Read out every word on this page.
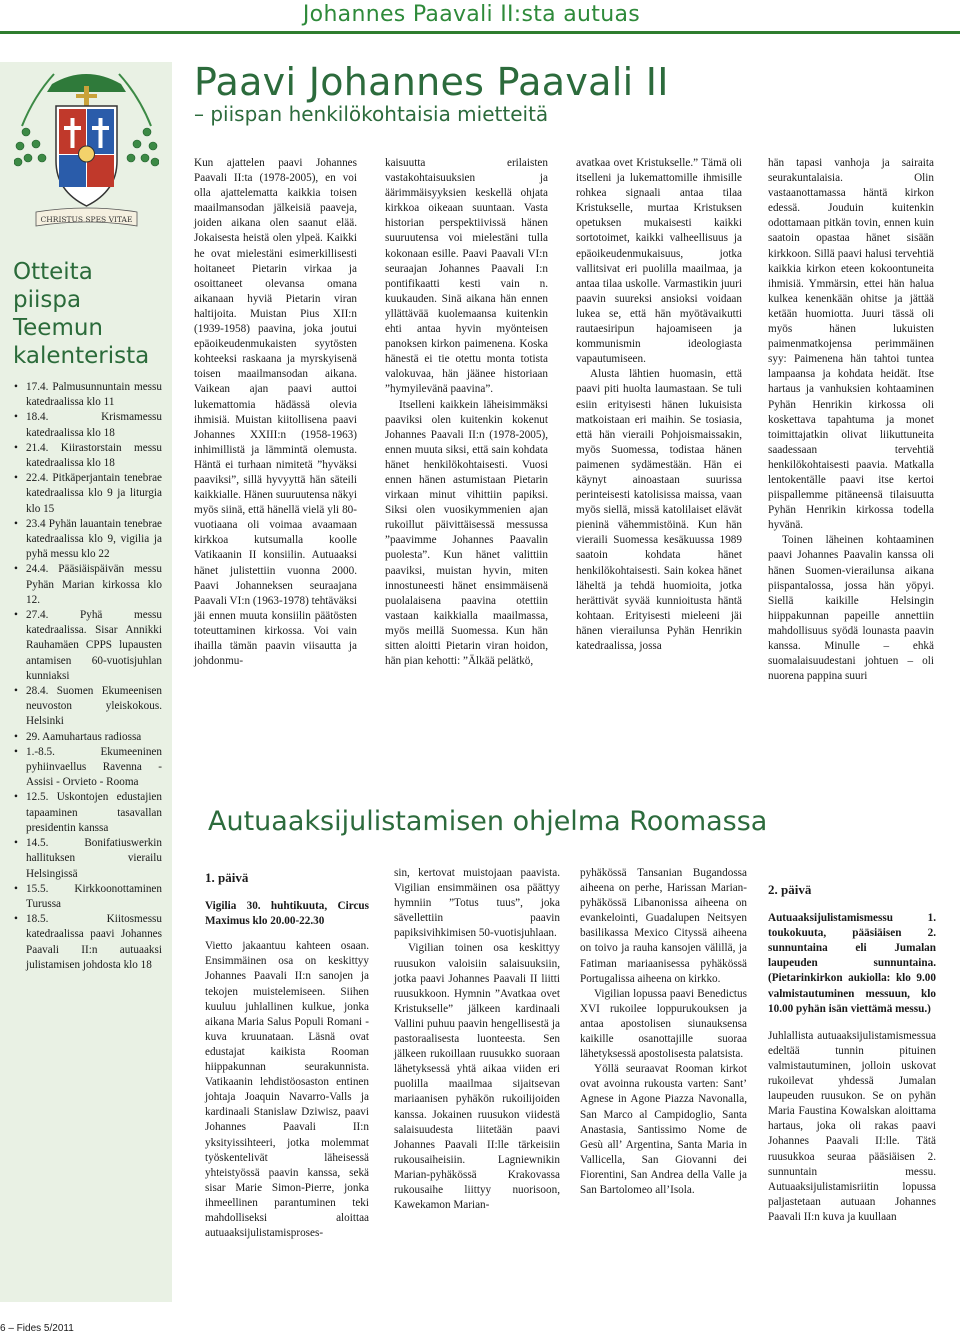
Johannes Paavali II:sta autuas
CHRISTUS SPES VITAE
Otteita piispa Teemun kalenterista
• 17.4. Palmusunnuntain messu katedraalissa klo 11
• 18.4. Krismamessu katedraalissa klo 18
• 21.4. Kiirastorstain messu katedraalissa klo 18
• 22.4. Pitkäperjantain tenebrae katedraalissa klo 9 ja liturgia klo 15
• 23.4 Pyhän lauantain tenebrae katedraalissa klo 9, vigilia ja pyhä messu klo 22
• 24.4. Pääsiäispäivän messu Pyhän Marian kirkossa klo 12.
• 27.4. Pyhä messu katedraalissa. Sisar Annikki Rauhamäen CPPS lupausten antamisen 60-vuotisjuhlan kunniaksi
• 28.4. Suomen Ekumeenisen neuvoston yleiskokous. Helsinki
• 29. Aamuhartaus radiossa
• 1.-8.5. Ekumeeninen pyhiinvaellus Ravenna - Assisi - Orvieto - Rooma
• 12.5. Uskontojen edustajien tapaaminen tasavallan presidentin kanssa
• 14.5. Bonifatiuswerkin hallituksen vierailu Helsingissä
• 15.5. Kirkkoonottaminen Turussa
• 18.5. Kiitosmessu katedraalissa paavi Johannes Paavali II:n autuaaksi julistamisen johdosta klo 18
Paavi Johannes Paavali II
– piispan henkilökohtaisia mietteitä

Kun ajattelen paavi Johannes Paavali II:ta (1978-2005), en voi olla ajattelematta kaikkia toisen maailmansodan jälkeisiä paaveja, joiden aikana olen saanut elää. Jokaisesta heistä olen ylpeä. Kaikki he ovat mielestäni esimerkillisesti hoitaneet Pietarin virkaa ja osoittaneet olevansa omana aikanaan hyviä Pietarin viran haltijoita. Muistan Pius XII:n (1939-1958) paavina, joka joutui epäoikeudenmukaisten syytösten kohteeksi raskaana ja myrskyisenä toisen maailmansodan aikana. Vaikean ajan paavi auttoi lukemattomia hädässä olevia ihmisiä. Muistan kiitollisena paavi Johannes XXIII:n (1958-1963) inhimillistä ja lämmintä olemusta. Häntä ei turhaan nimitetä ”hyväksi paaviksi”, sillä hyvyyttä hän säteili kaikkialle. Hänen suuruutensa näkyi myös siinä, että hänellä vielä yli 80-vuotiaana oli voimaa avaamaan kirkkoa kutsumalla koolle Vatikaanin II konsiilin. Autuaaksi hänet julistettiin vuonna 2000. Paavi Johanneksen seuraajana Paavali VI:n (1963-1978) tehtäväksi jäi ennen muuta konsiilin päätösten toteuttaminen kirkossa. Voi vain ihailla tämän paavin viisautta ja johdonmu-

kaisuutta erilaisten vastakohtaisuuksien ja äärimmäisyyksien keskellä ohjata kirkkoa oikeaan suuntaan. Vasta historian perspektiivissä hänen suuruutensa voi mielestäni tulla kokonaan esille. Paavi Paavali VI:n seuraajan Johannes Paavali I:n pontifikaatti kesti vain n. kuukauden. Sinä aikana hän ennen yllättävää kuolemaansa kuitenkin ehti antaa hyvin myönteisen panoksen kirkon paimenena. Koska hänestä ei tie otettu monta totista valokuvaa, hän jäänee historiaan ”hymyilevänä paavina”.

Itselleni kaikkein läheisimmäksi paaviksi olen kuitenkin kokenut Johannes Paavali II:n (1978-2005), ennen muuta siksi, että sain kohdata hänet henkilökohtaisesti. Vuosi ennen hänen astumistaan Pietarin virkaan minut vihittiin papiksi. Siksi olen vuosikymmenien ajan rukoillut päivittäisessä messussa ”paavimme Johannes Paavalin puolesta”. Kun hänet valittiin paaviksi, muistan hyvin, miten innostuneesti hänet ensimmäisenä puolalaisena paavina otettiin vastaan kaikkialla maailmassa, myös meillä Suomessa. Kun hän sitten aloitti Pietarin viran hoidon, hän pian kehotti: ”Älkää pelätkö,

avatkaa ovet Kristukselle.” Tämä oli itselleni ja lukemattomille ihmisille rohkea signaali antaa tilaa Kristukselle, murtaa Kristuksen opetuksen mukaisesti kaikki sortotoimet, kaikki valheellisuus ja epäoikeudenmukaisuus, jotka vallitsivat eri puolilla maailmaa, ja antaa tilaa uskolle. Varmastikin juuri paavin suureksi ansioksi voidaan lukea se, että hän myötävaikutti rautaesiripun hajoamiseen ja kommunismin ideologiasta vapautumiseen.

Alusta lähtien huomasin, että paavi piti huolta laumastaan. Se tuli esiin erityisesti hänen lukuisista matkoistaan eri maihin. Se tosiasia, että hän vieraili Pohjoismaissakin, myös Suomessa, todistaa hänen paimenen sydämestään. Hän ei käynyt ainoastaan suurissa perinteisesti katolisissa maissa, vaan myös siellä, missä katolilaiset elävät pieninä vähemmistöinä. Kun hän vieraili Suomessa kesäkuussa 1989 saatoin kohdata hänet henkilökohtaisesti. Sain kokea hänet läheltä ja tehdä huomioita, jotka herättivät syvää kunnioitusta häntä kohtaan. Erityisesti mieleeni jäi hänen vierailunsa Pyhän Henrikin katedraalissa, jossa

hän tapasi vanhoja ja sairaita seurakuntalaisia. Olin vastaanottamassa häntä kirkon edessä. Jouduin kuitenkin odottamaan pitkän tovin, ennen kuin saatoin opastaa hänet sisään kirkkoon. Sillä paavi halusi tervehtiä kaikkia kirkon eteen kokoontuneita ihmisiä. Ymmärsin, ettei hän halua kulkea kenenkään ohitse ja jättää ketään huomiotta. Juuri tässä oli myös hänen lukuisten paimenmatkojensa perimmäinen syy: Paimenena hän tahtoi tuntea lampaansa ja kohdata heidät. Itse hartaus ja vanhuksien kohtaaminen Pyhän Henrikin kirkossa oli koskettava tapahtuma ja monet toimittajatkin olivat liikuttuneita saadessaan tervehtiä henkilökohtaisesti paavia. Matkalla lentokentälle paavi itse kertoi piispallemme pitäneensä tilaisuutta Pyhän Henrikin kirkossa todella hyvänä.

Toinen läheinen kohtaaminen paavi Johannes Paavalin kanssa oli hänen Suomen-vierailunsa aikana piispantalossa, jossa hän yöpyi. Siellä kaikille Helsingin hiippakunnan papeille annettiin mahdollisuus syödä lounasta paavin kanssa. Minulle – ehkä suomalaisuudestani johtuen – oli nuorena pappina suuri

Autuaaksijulistamisen ohjelma Roomassa

1. päivä

Vigilia 30. huhtikuuta, Circus Maximus klo 20.00-22.30

Vietto jakaantuu kahteen osaan. Ensimmäinen osa on keskittyy Johannes Paavali II:n sanojen ja tekojen muistelemiseen. Siihen kuuluu juhlallinen kulkue, jonka aikana Maria Salus Populi Romani -kuva kruunataan. Läsnä ovat edustajat kaikista Rooman hiippakunnan seurakunnista. Vatikaanin lehdistöosaston entinen johtaja Joaquin Navarro-Valls ja kardinaali Stanislaw Dziwisz, paavi Johannes Paavali II:n yksityissihteeri, jotka molemmat työskentelivät läheisessä yhteistyössä paavin kanssa, sekä sisar Marie Simon-Pierre, jonka ihmeellinen parantuminen teki mahdolliseksi aloittaa autuaaksijulistamisproses-

sin, kertovat muistojaan paavista. Vigilian ensimmäinen osa päättyy hymniin ”Totus tuus”, joka sävellettiin paavin papiksivihkimisen 50-vuotisjuhlaan.

Vigilian toinen osa keskittyy ruusukon valoisiin salaisuuksiin, jotka paavi Johannes Paavali II liitti ruusukkoon. Hymnin ”Avatkaa ovet Kristukselle” jälkeen kardinaali Vallini puhuu paavin hengellisestä ja pastoraalisesta luonteesta. Sen jälkeen rukoillaan ruusukko suoraan lähetyksessä yhtä aikaa viiden eri puolilla maailmaa sijaitsevan mariaanisen pyhäkön rukoilijoiden kanssa. Jokainen ruusukon viidestä salaisuudesta liitetään paavi Johannes Paavali II:lle tärkeisiin rukousaiheisiin. Lagniewnikin Marian-pyhäkössä Krakovassa rukousaihe liittyy nuorisoon, Kawekamon Marian-

pyhäkössä Tansanian Bugandossa aiheena on perhe, Harissan Marian-pyhäkössä Libanonissa aiheena on evankelointi, Guadalupen Neitsyen basilikassa Mexico Cityssä aiheena on toivo ja rauha kansojen välillä, ja Fatiman mariaanisessa pyhäkössä Portugalissa aiheena on kirkko.

Vigilian lopussa paavi Benedictus XVI rukoilee loppurukouksen ja antaa apostolisen siunauksensa kaikille osanottajille suoraa lähetyksessä apostolisesta palatsista.

Yöllä seuraavat Rooman kirkot ovat avoinna rukousta varten: Sant’ Agnese in Agone Piazza Navonalla, San Marco al Campidoglio, Santa Anastasia, Santissimo Nome de Gesù all’ Argentina, Santa Maria in Vallicella, San Giovanni dei Fiorentini, San Andrea della Valle ja San Bartolomeo all’Isola.

2. päivä

Autuaaksijulistamismessu 1. toukokuuta, pääsiäisen 2. sunnuntaina eli Jumalan laupeuden sunnuntaina. (Pietarinkirkon aukiolla: klo 9.00 valmistautuminen messuun, klo 10.00 pyhän isän viettämä messu.)

Juhlallista autuaaksijulistamismessua edeltää tunnin pituinen valmistautuminen, jolloin uskovat rukoilevat yhdessä Jumalan laupeuden ruusukon. Se on pyhän Maria Faustina Kowalskan aloittama hartaus, joka oli rakas paavi Johannes Paavali II:lle. Tätä ruusukkoa seuraa pääsiäisen 2. sunnuntain messu. Autuaaksijulistamisriitin lopussa paljastetaan autuaan Johannes Paavali II:n kuva ja kuullaan

6 – Fides 5/2011
